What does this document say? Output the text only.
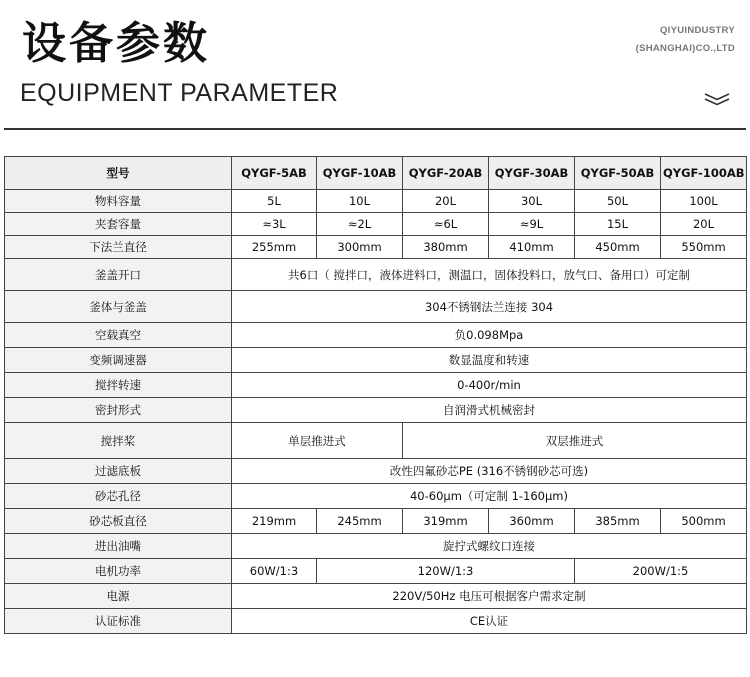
设备参数
EQUIPMENT PARAMETER
QIYUINDUSTRY
(SHANGHAI)CO.,LTD
型号	QYGF-5AB	QYGF-10AB	QYGF-20AB	QYGF-30AB	QYGF-50AB	QYGF-100AB
物料容量	5L	10L	20L	30L	50L	100L
夹套容量	≈3L	≈2L	≈6L	≈9L	15L	20L
下法兰直径	255mm	300mm	380mm	410mm	450mm	550mm
釜盖开口	共6口（ 搅拌口，液体进料口，测温口，固体投料口，放气口、备用口）可定制					
釜体与釜盖	304不锈钢法兰连接 304					
空载真空	负0.098Mpa					
变频调速器	数显温度和转速					
搅拌转速	0-400r/min					
密封形式	自润滑式机械密封					
搅拌桨	单层推进式		双层推进式			
过滤底板	改性四氟砂芯PE (316不锈钢砂芯可选)					
砂芯孔径	40-60μm（可定制 1-160μm)					
砂芯板直径	219mm	245mm	319mm	360mm	385mm	500mm
进出油嘴	旋拧式螺纹口连接					
电机功率	60W/1:3	120W/1:3			200W/1:5	
电源	220V/50Hz 电压可根据客户需求定制					
认证标准	CE认证					
